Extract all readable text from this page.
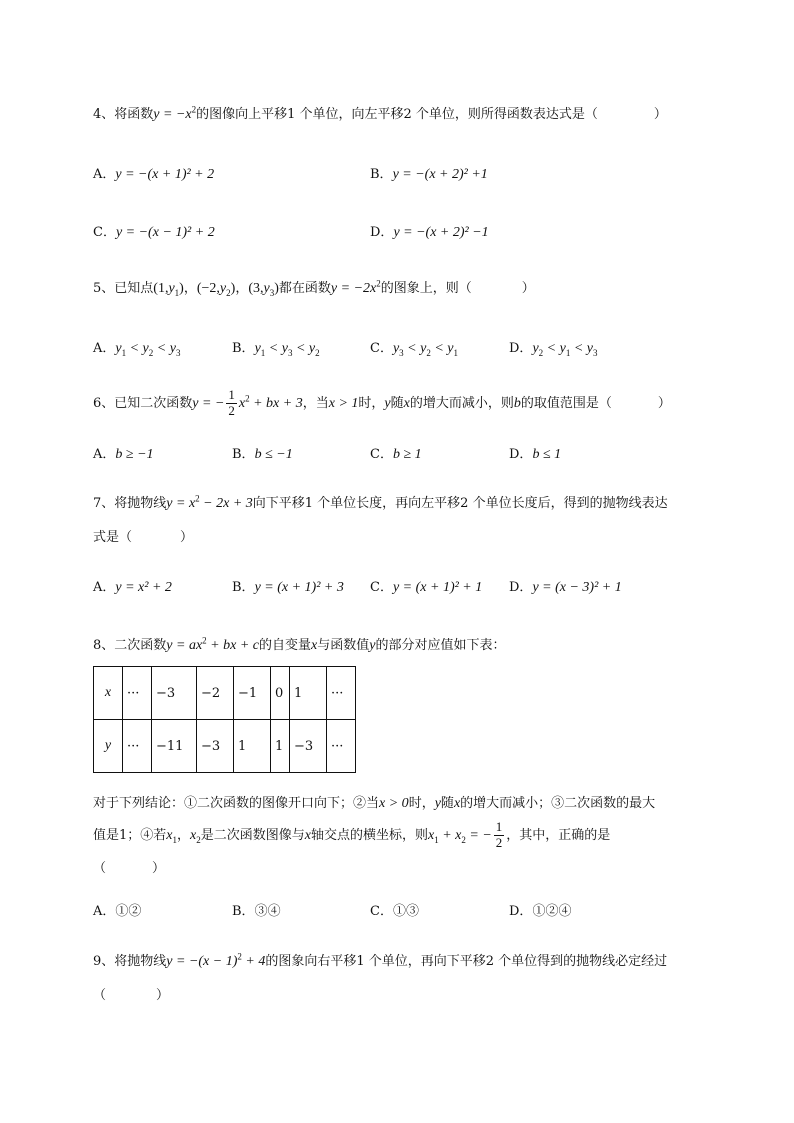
4、将函数$y = -x^2$的图像向上平移1 个单位，向左平移2 个单位，则所得函数表达式是（	）
A．y = −(x + 1)² + 2	B．y = −(x + 2)² +1
C．y = −(x − 1)² + 2	D．y = −(x + 2)² −1
5、已知点$(1,y_1)$，$(-2,y_2)$，$(3,y_3)$都在函数$y = -2x^2$的图象上，则（	）
A．$y_1 < y_2 < y_3$	B．$y_1 < y_3 < y_2$	C．$y_3 < y_2 < y_1$	D．$y_2 < y_1 < y_3$
6、已知二次函数y = − $\frac{1}{2} x^2$ + bx + 3，当x > 1时，y随x的增大而减小，则b的取值范围是（	）
A．b ≥ −1	B．b ≤ −1	C．b ≥ 1	D．b ≤ 1
7、将抛物线$y = x^2 - 2x + 3$向下平移1 个单位长度，再向左平移2 个单位长度后，得到的抛物线表达
式是（	）
A．y = x² + 2	B．y = (x + 1)² + 3 C．y = (x + 1)² + 1 D．y = (x − 3)² + 1
8、二次函数$y = ax^2$ + bx + c的自变量x与函数值y的部分对应值如下表：
x	···	−3	−2	−1	0	1	···
y	···	−11	−3	1	1	−3	···
对于下列结论：①二次函数的图像开口向下；②当x > 0时，y随x的增大而减小；③二次函数的最大
值是1；④若$x_1$，$x_2$是二次函数图像与x轴交点的横坐标，则$x_1 + x_2$ = − $\frac{1}{2}$ ，其中，正确的是
（	）
A．①②	B．③④	C．①③	D．①②④
9、将抛物线$y = -(x - 1)^2 + 4$的图象向右平移1 个单位，再向下平移2 个单位得到的抛物线必定经过
（	）
